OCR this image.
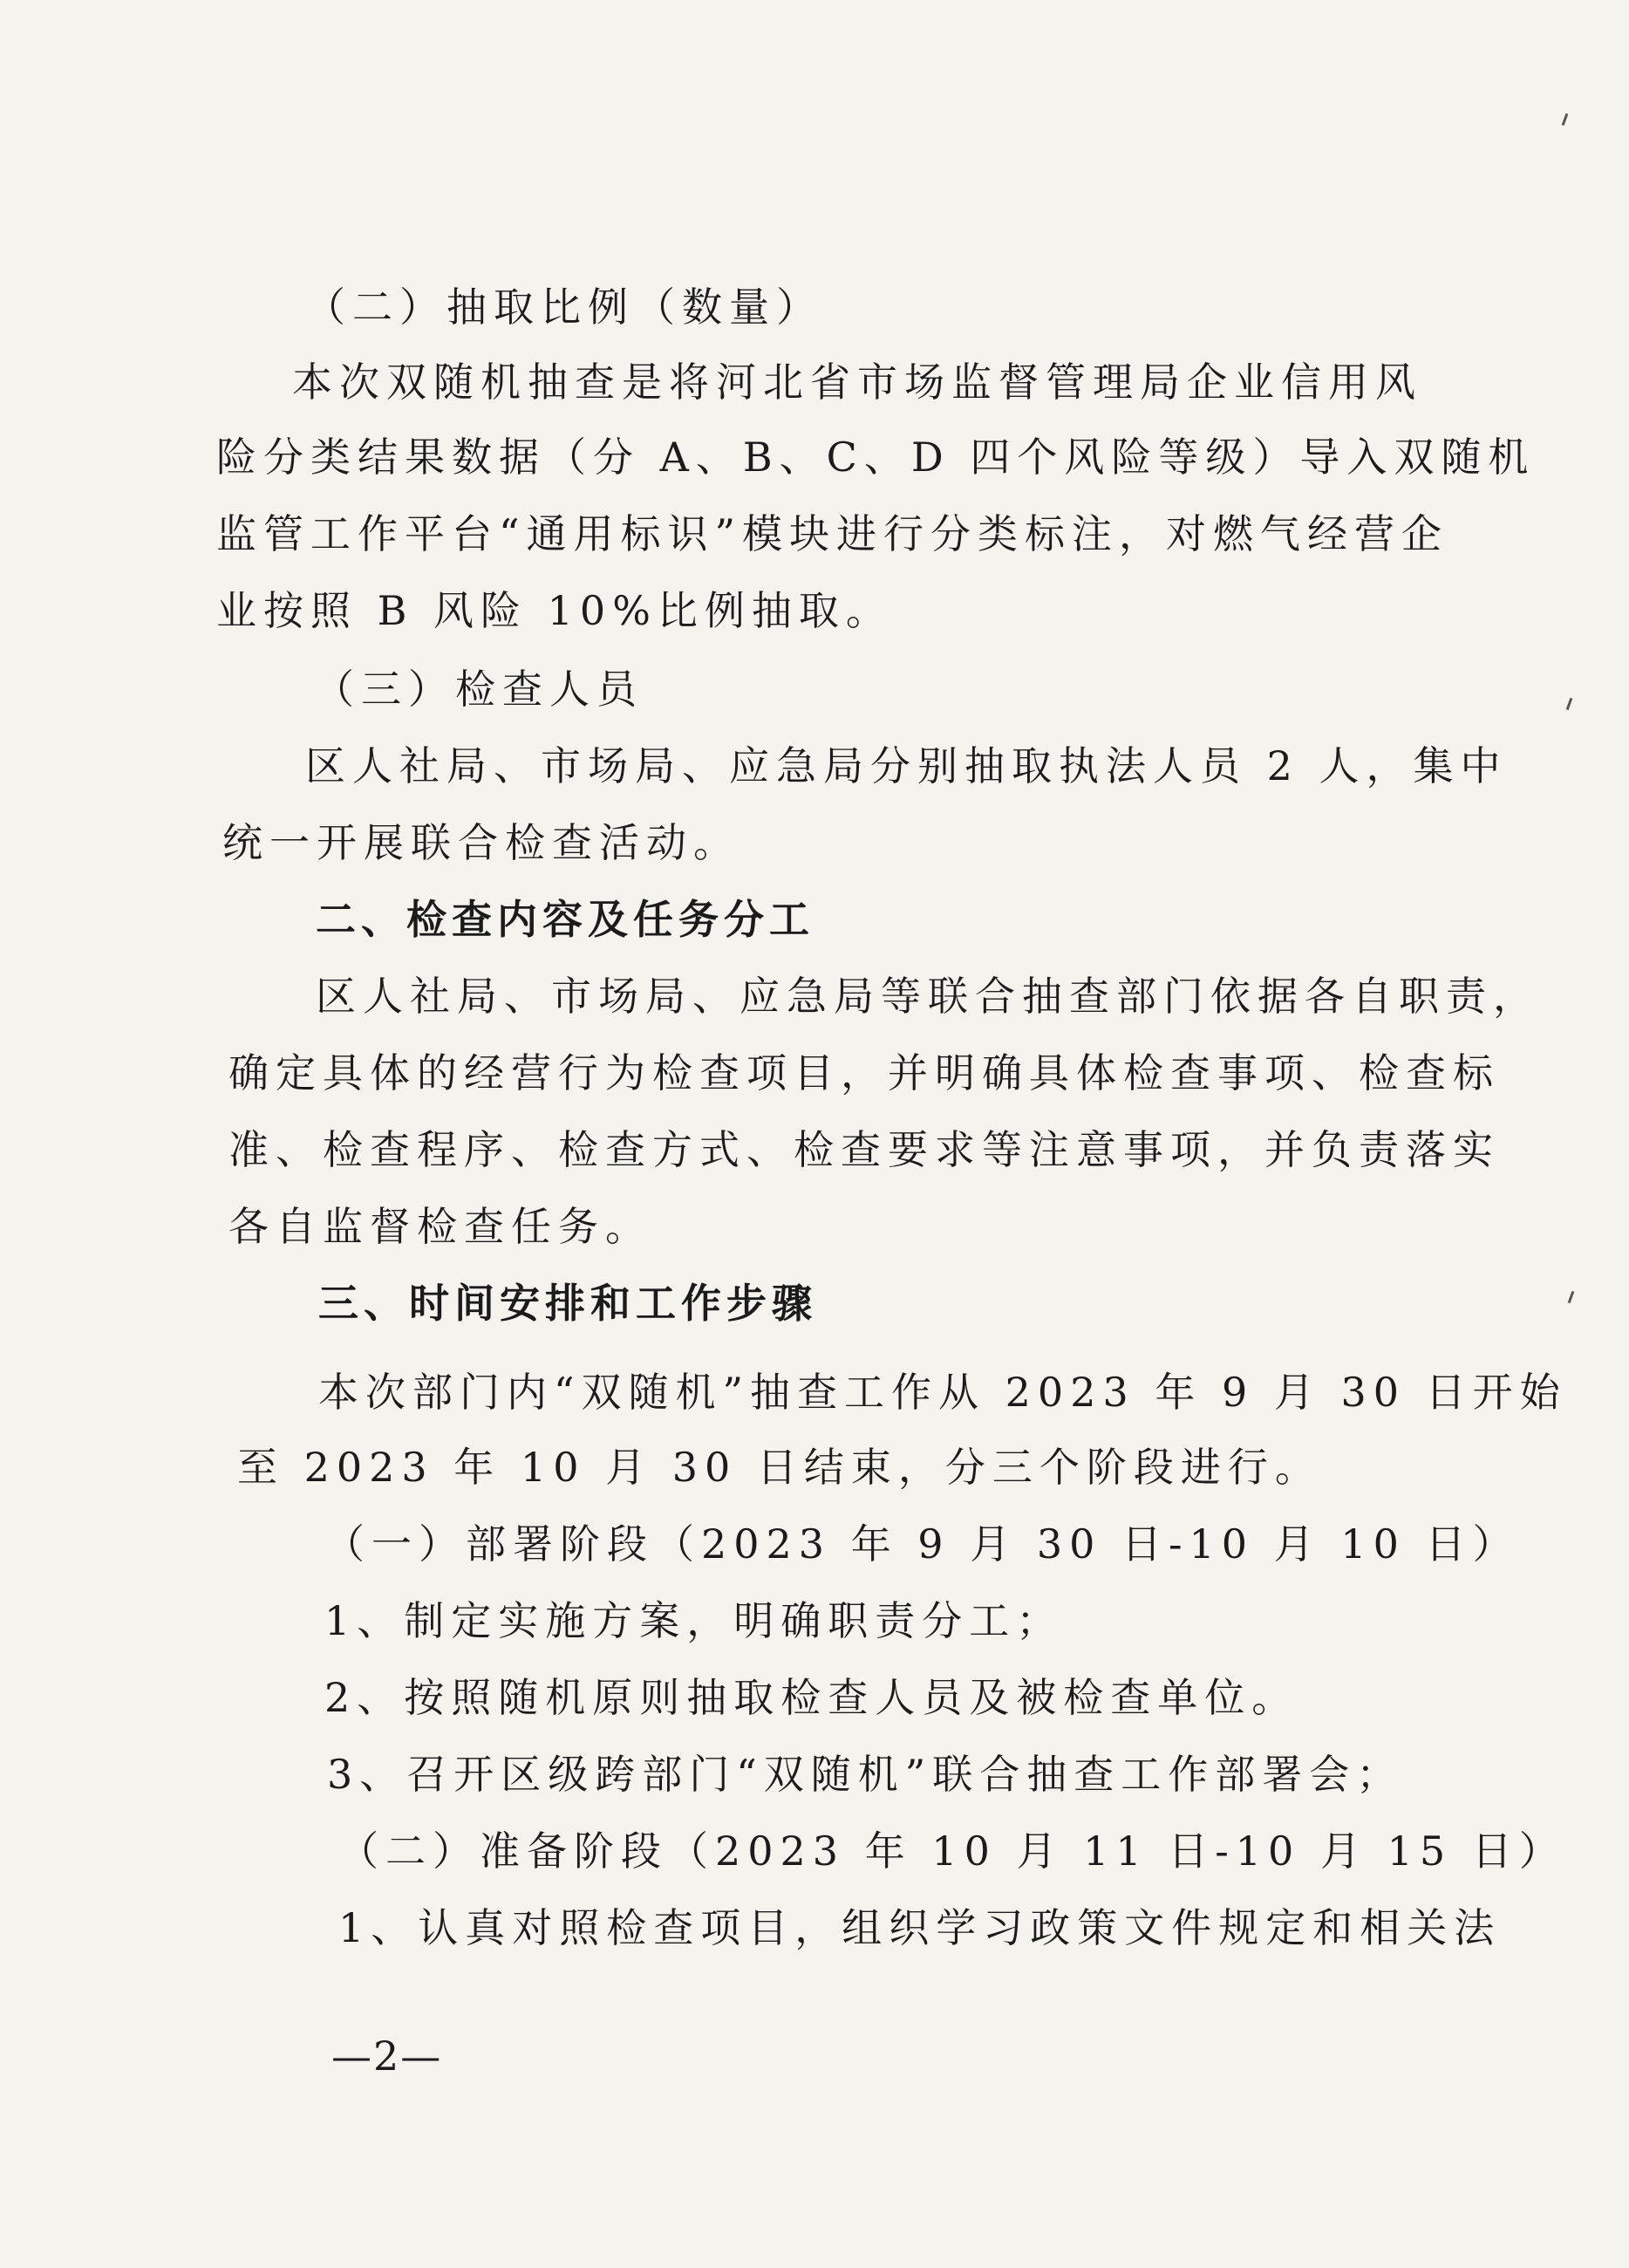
（二）抽取比例（数量）
本次双随机抽查是将河北省市场监督管理局企业信用风
险分类结果数据（分 A、B、C、D 四个风险等级）导入双随机
监管工作平台“通用标识”模块进行分类标注，对燃气经营企
业按照 B 风险 10%比例抽取。
（三）检查人员
区人社局、市场局、应急局分别抽取执法人员 2 人，集中
统一开展联合检查活动。
二、检查内容及任务分工
区人社局、市场局、应急局等联合抽查部门依据各自职责，
确定具体的经营行为检查项目，并明确具体检查事项、检查标
准、检查程序、检查方式、检查要求等注意事项，并负责落实
各自监督检查任务。
三、时间安排和工作步骤
本次部门内“双随机”抽查工作从 2023 年 9 月 30 日开始
至 2023 年 10 月 30 日结束，分三个阶段进行。
（一）部署阶段（2023 年 9 月 30 日-10 月 10 日）
1、制定实施方案，明确职责分工；
2、按照随机原则抽取检查人员及被检查单位。
3、召开区级跨部门“双随机”联合抽查工作部署会；
（二）准备阶段（2023 年 10 月 11 日-10 月 15 日）
1、认真对照检查项目，组织学习政策文件规定和相关法
—2—
